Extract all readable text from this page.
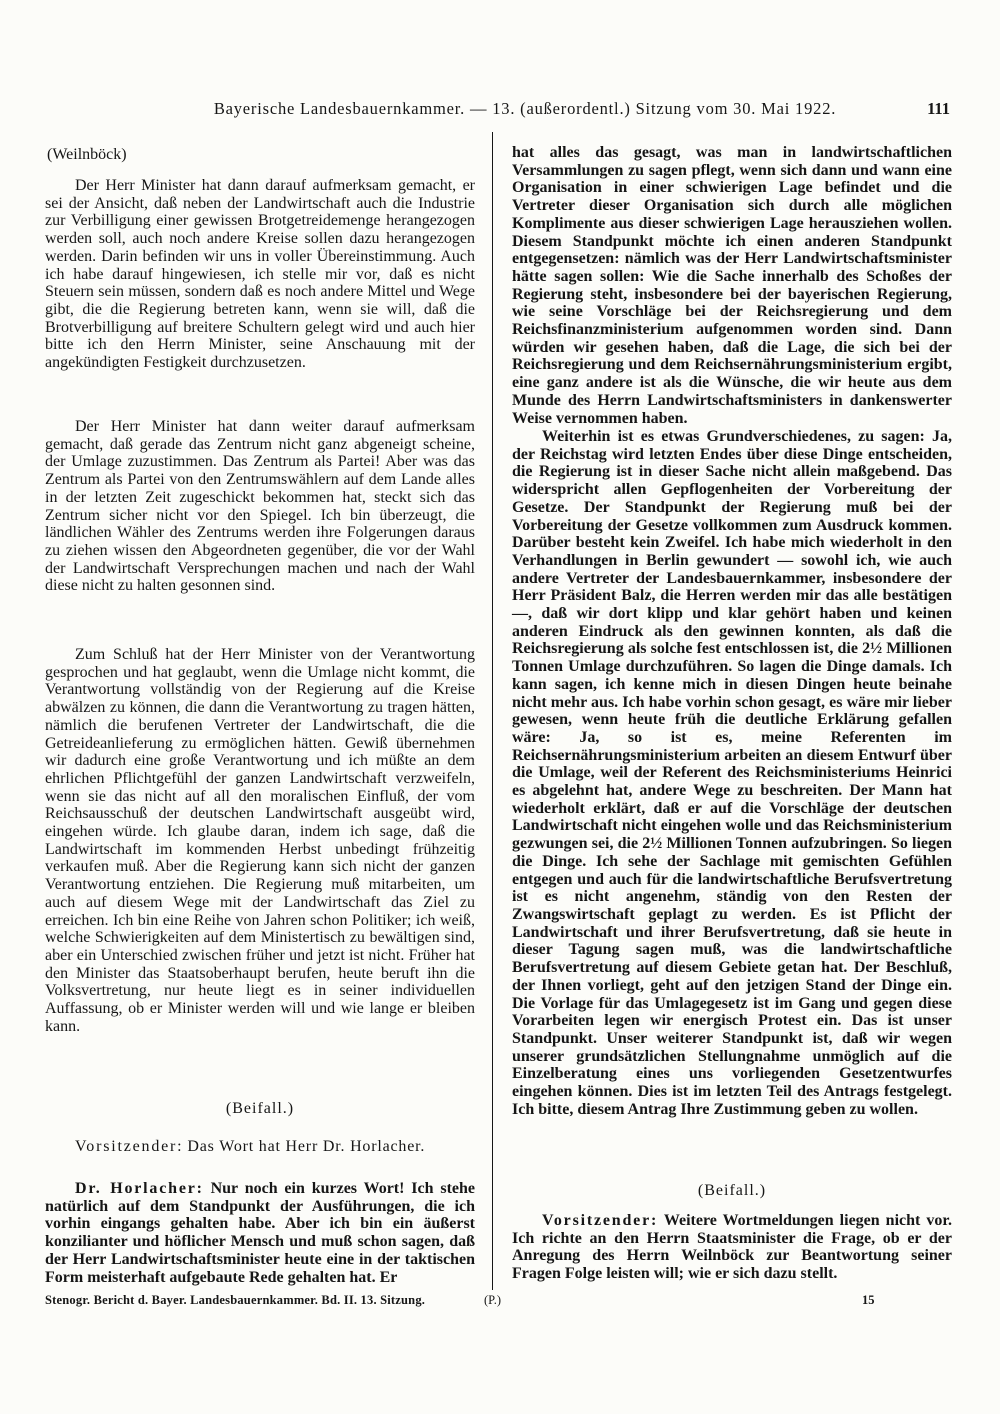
Bayerische Landesbauernkammer. — 13. (außerordentl.) Sitzung vom 30. Mai 1922.	111

(Weilnböck)

Der Herr Minister hat dann darauf aufmerksam gemacht, er sei der Ansicht, daß neben der Landwirtschaft auch die Industrie zur Verbilligung einer gewissen Brotgetreidemenge herangezogen werden soll, auch noch andere Kreise sollen dazu herangezogen werden. Darin befinden wir uns in voller Übereinstimmung. Auch ich habe darauf hingewiesen, ich stelle mir vor, daß es nicht Steuern sein müssen, sondern daß es noch andere Mittel und Wege gibt, die die Regierung betreten kann, wenn sie will, daß die Brotverbilligung auf breitere Schultern gelegt wird und auch hier bitte ich den Herrn Minister, seine Anschauung mit der angekündigten Festigkeit durchzusetzen.

Der Herr Minister hat dann weiter darauf aufmerksam gemacht, daß gerade das Zentrum nicht ganz abgeneigt scheine, der Umlage zuzustimmen. Das Zentrum als Partei! Aber was das Zentrum als Partei von den Zentrumswählern auf dem Lande alles in der letzten Zeit zugeschickt bekommen hat, steckt sich das Zentrum sicher nicht vor den Spiegel. Ich bin überzeugt, die ländlichen Wähler des Zentrums werden ihre Folgerungen daraus zu ziehen wissen den Abgeordneten gegenüber, die vor der Wahl der Landwirtschaft Versprechungen machen und nach der Wahl diese nicht zu halten gesonnen sind.

Zum Schluß hat der Herr Minister von der Verantwortung gesprochen und hat geglaubt, wenn die Umlage nicht kommt, die Verantwortung vollständig von der Regierung auf die Kreise abwälzen zu können, die dann die Verantwortung zu tragen hätten, nämlich die berufenen Vertreter der Landwirtschaft, die die Getreideanlieferung zu ermöglichen hätten. Gewiß übernehmen wir dadurch eine große Verantwortung und ich müßte an dem ehrlichen Pflichtgefühl der ganzen Landwirtschaft verzweifeln, wenn sie das nicht auf all den moralischen Einfluß, der vom Reichsausschuß der deutschen Landwirtschaft ausgeübt wird, eingehen würde. Ich glaube daran, indem ich sage, daß die Landwirtschaft im kommenden Herbst unbedingt frühzeitig verkaufen muß. Aber die Regierung kann sich nicht der ganzen Verantwortung entziehen. Die Regierung muß mitarbeiten, um auch auf diesem Wege mit der Landwirtschaft das Ziel zu erreichen. Ich bin eine Reihe von Jahren schon Politiker; ich weiß, welche Schwierigkeiten auf dem Ministertisch zu bewältigen sind, aber ein Unterschied zwischen früher und jetzt ist nicht. Früher hat den Minister das Staatsoberhaupt berufen, heute beruft ihn die Volksvertretung, nur heute liegt es in seiner individuellen Auffassung, ob er Minister werden will und wie lange er bleiben kann.

(Beifall.)

Vorsitzender: Das Wort hat Herr Dr. Horlacher.

Dr. Horlacher: Nur noch ein kurzes Wort! Ich stehe natürlich auf dem Standpunkt der Ausführungen, die ich vorhin eingangs gehalten habe. Aber ich bin ein äußerst konzilianter und höflicher Mensch und muß schon sagen, daß der Herr Landwirtschaftsminister heute eine in der taktischen Form meisterhaft aufgebaute Rede gehalten hat. Er

hat alles das gesagt, was man in landwirtschaftlichen Versammlungen zu sagen pflegt, wenn sich dann und wann eine Organisation in einer schwierigen Lage befindet und die Vertreter dieser Organisation sich durch alle möglichen Komplimente aus dieser schwierigen Lage herausziehen wollen. Diesem Standpunkt möchte ich einen anderen Standpunkt entgegensetzen: nämlich was der Herr Landwirtschaftsminister hätte sagen sollen: Wie die Sache innerhalb des Schoßes der Regierung steht, insbesondere bei der bayerischen Regierung, wie seine Vorschläge bei der Reichsregierung und dem Reichsfinanzministerium aufgenommen worden sind. Dann würden wir gesehen haben, daß die Lage, die sich bei der Reichsregierung und dem Reichsernährungsministerium ergibt, eine ganz andere ist als die Wünsche, die wir heute aus dem Munde des Herrn Landwirtschaftsministers in dankenswerter Weise vernommen haben.

Weiterhin ist es etwas Grundverschiedenes, zu sagen: Ja, der Reichstag wird letzten Endes über diese Dinge entscheiden, die Regierung ist in dieser Sache nicht allein maßgebend. Das widerspricht allen Gepflogenheiten der Vorbereitung der Gesetze. Der Standpunkt der Regierung muß bei der Vorbereitung der Gesetze vollkommen zum Ausdruck kommen. Darüber besteht kein Zweifel. Ich habe mich wiederholt in den Verhandlungen in Berlin gewundert — sowohl ich, wie auch andere Vertreter der Landesbauernkammer, insbesondere der Herr Präsident Balz, die Herren werden mir das alle bestätigen —, daß wir dort klipp und klar gehört haben und keinen anderen Eindruck als den gewinnen konnten, als daß die Reichsregierung als solche fest entschlossen ist, die 2½ Millionen Tonnen Umlage durchzuführen. So lagen die Dinge damals. Ich kann sagen, ich kenne mich in diesen Dingen heute beinahe nicht mehr aus. Ich habe vorhin schon gesagt, es wäre mir lieber gewesen, wenn heute früh die deutliche Erklärung gefallen wäre: Ja, so ist es, meine Referenten im Reichsernährungsministerium arbeiten an diesem Entwurf über die Umlage, weil der Referent des Reichsministeriums Heinrici es abgelehnt hat, andere Wege zu beschreiten. Der Mann hat wiederholt erklärt, daß er auf die Vorschläge der deutschen Landwirtschaft nicht eingehen wolle und das Reichsministerium gezwungen sei, die 2½ Millionen Tonnen aufzubringen. So liegen die Dinge. Ich sehe der Sachlage mit gemischten Gefühlen entgegen und auch für die landwirtschaftliche Berufsvertretung ist es nicht angenehm, ständig von den Resten der Zwangswirtschaft geplagt zu werden. Es ist Pflicht der Landwirtschaft und ihrer Berufsvertretung, daß sie heute in dieser Tagung sagen muß, was die landwirtschaftliche Berufsvertretung auf diesem Gebiete getan hat. Der Beschluß, der Ihnen vorliegt, geht auf den jetzigen Stand der Dinge ein. Die Vorlage für das Umlagegesetz ist im Gang und gegen diese Vorarbeiten legen wir energisch Protest ein. Das ist unser Standpunkt. Unser weiterer Standpunkt ist, daß wir wegen unserer grundsätzlichen Stellungnahme unmöglich auf die Einzelberatung eines uns vorliegenden Gesetzentwurfes eingehen können. Dies ist im letzten Teil des Antrags festgelegt. Ich bitte, diesem Antrag Ihre Zustimmung geben zu wollen.

(Beifall.)

Vorsitzender: Weitere Wortmeldungen liegen nicht vor. Ich richte an den Herrn Staatsminister die Frage, ob er der Anregung des Herrn Weilnböck zur Beantwortung seiner Fragen Folge leisten will; wie er sich dazu stellt.

Stenogr. Bericht d. Bayer. Landesbauernkammer. Bd. II. 13. Sitzung.	(P.)	15
